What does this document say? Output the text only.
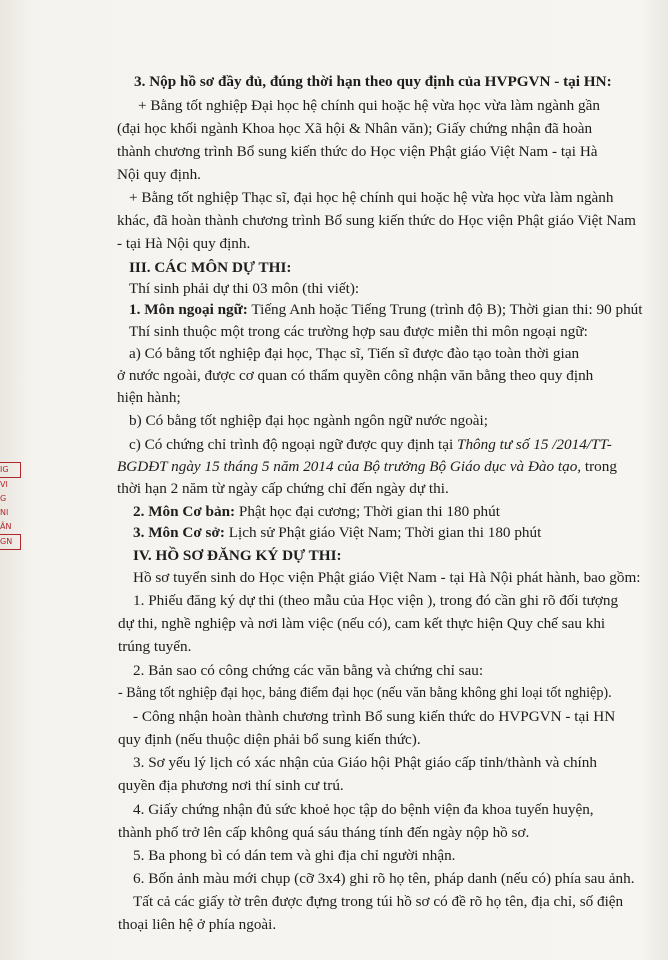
3. Nộp hồ sơ đầy đủ, đúng thời hạn theo quy định của HVPGVN - tại HN:
+ Bằng tốt nghiệp Đại học hệ chính qui hoặc hệ vừa học vừa làm ngành gần
(đại học khối ngành Khoa học Xã hội & Nhân văn); Giấy chứng nhận đã hoàn
thành chương trình Bổ sung kiến thức do Học viện Phật giáo Việt Nam - tại Hà
Nội quy định.
+ Bằng tốt nghiệp Thạc sĩ, đại học hệ chính qui hoặc hệ vừa học vừa làm ngành
khác, đã hoàn thành chương trình Bổ sung kiến thức do Học viện Phật giáo Việt Nam
- tại Hà Nội quy định.
III. CÁC MÔN DỰ THI:
Thí sinh phải dự thi 03 môn (thi viết):
1. Môn ngoại ngữ: Tiếng Anh hoặc Tiếng Trung (trình độ B); Thời gian thi: 90 phút
Thí sinh thuộc một trong các trường hợp sau được miễn thi môn ngoại ngữ:
a) Có bằng tốt nghiệp đại học, Thạc sĩ, Tiến sĩ được đào tạo toàn thời gian
ở nước ngoài, được cơ quan có thẩm quyền công nhận văn bằng theo quy định
hiện hành;
b) Có bằng tốt nghiệp đại học ngành ngôn ngữ nước ngoài;
c) Có chứng chỉ trình độ ngoại ngữ được quy định tại Thông tư số 15 /2014/TT-
BGDĐT ngày 15 tháng 5 năm 2014 của Bộ trưởng Bộ Giáo dục và Đào tạo, trong
thời hạn 2 năm từ ngày cấp chứng chỉ đến ngày dự thi.
2. Môn Cơ bản: Phật học đại cương; Thời gian thi 180 phút
3. Môn Cơ sở: Lịch sử Phật giáo Việt Nam; Thời gian thi 180 phút
IV. HỒ SƠ ĐĂNG KÝ DỰ THI:
Hồ sơ tuyển sinh do Học viện Phật giáo Việt Nam - tại Hà Nội phát hành, bao gồm:
1. Phiếu đăng ký dự thi (theo mẫu của Học viện ), trong đó cần ghi rõ đối tượng
dự thi, nghề nghiệp và nơi làm việc (nếu có), cam kết thực hiện Quy chế sau khi
trúng tuyển.
2. Bản sao có công chứng các văn bằng và chứng chỉ sau:
- Bằng tốt nghiệp đại học, bảng điểm đại học (nếu văn bằng không ghi loại tốt nghiệp).
- Công nhận hoàn thành chương trình Bổ sung kiến thức do HVPGVN - tại HN
quy định (nếu thuộc diện phải bổ sung kiến thức).
3. Sơ yếu lý lịch có xác nhận của Giáo hội Phật giáo cấp tỉnh/thành và chính
quyền địa phương nơi thí sinh cư trú.
4. Giấy chứng nhận đủ sức khoẻ học tập do bệnh viện đa khoa tuyến huyện,
thành phố trở lên cấp không quá sáu tháng tính đến ngày nộp hồ sơ.
5. Ba phong bì có dán tem và ghi địa chỉ người nhận.
6. Bốn ảnh màu mới chụp (cỡ 3x4) ghi rõ họ tên, pháp danh (nếu có) phía sau ảnh.
Tất cả các giấy tờ trên được đựng trong túi hồ sơ có đề rõ họ tên, địa chỉ, số điện
thoại liên hệ ở phía ngoài.
IG
VI
G
NI
ÂN
GN
